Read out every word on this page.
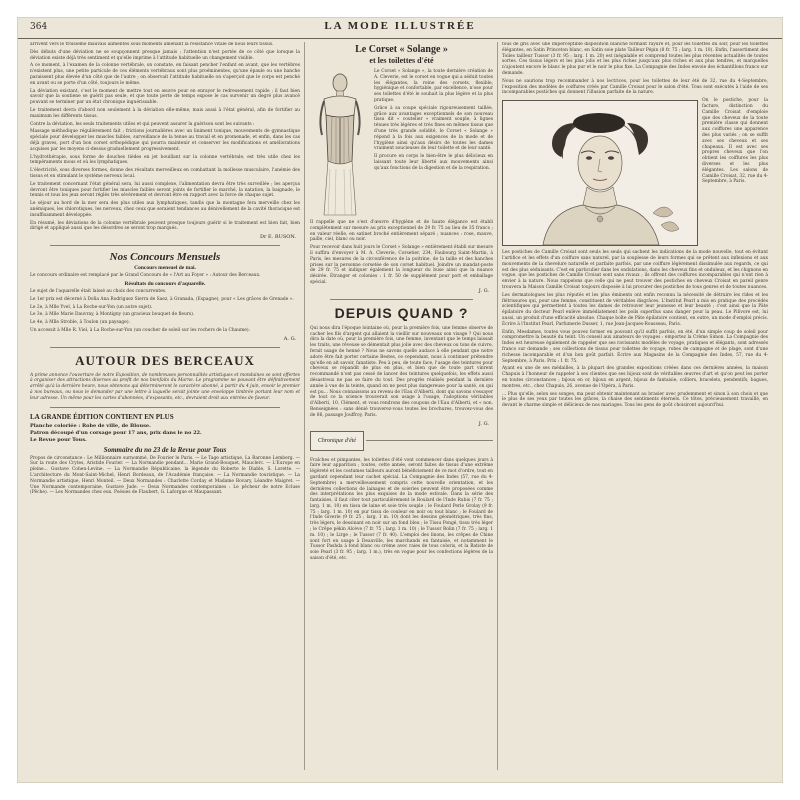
364	LA MODE ILLUSTRÉE

arrivent vers le troisième mauvais alimentés sous moments amenant la résistance vitale de nous leurs tissus.

Dès débuts d'une déviation ne se soupçonnent presque jamais ; l'attention n'est portée de ce côté que lorsque la déviation existe déjà très sentiment et qu'elle imprime à l'attitude habituelle un changement visible.

A ce moment, à l'examen de la colonne vertébrale, on constate, en faisant pencher l'enfant en avant, que les vertèbres n'existent plus, une petite particule de ces éléments vertébraux sont plus proéminentes, qu'une épaule ou une hanche paraissent plus élevée d'un côté que de l'autre ; on observait l'attitude habituelle on s'aperçoit que le corps est penché en avant ou se porte d'un côté, toujours le même.

La déviation existant, c'est le moment de mettre tout en œuvre pour en enrayer le redressement rapide ; il faut bien savoir que la soutiene se guérit pas seule, et que toute perte de temps expose le cas survenir un degré plus avancé pouvant se terminer par un état chronique inguérissable.

Le traitement devra d'abord non seulement à la déviation elle-même, mais aussi à l'état général, afin de fortifier au maximum les différents tissus.

Contre la déviation, les seuls traitements utiles et qui peuvent assurer la guérison sont les suivants :

Massage méthodique régulièrement fait ; frictions journalières avec un liniment tonique, mouvements de gymnastique spéciale pour développer les muscles faibles, surveillance de la tenue au travail et en promenade, et enfin, dans les cas déjà graves, port d'un bon corset orthopédique qui pourra maintenir et conserver les modifications et améliorations acquises par les moyens ci-dessus graduellement progressivement.

L'hydrothérapie, sous forme de douches tièdes en jet bouillant sur la colonne vertébrale, est très utile chez les tempéraments mous et où les lymphatiques.

L'électricité, sous diverses formes, donne des résultats merveilleux en combattant la mollesse musculaire, l'anémie des tissus et en stimulant le système nerveux local.

Le traitement concernant l'état général sera, lui aussi complexe, l'alimentation devra être très surveillée ; les aperçus devront être toniques pour fortifier les muscles faibles seront joints de fortifier le marché, la natation, la baignade, le tennis et tous les jeux seront réglés très sévèrement et devront être en rapport avec la force de chaque sujet.

Le séjour au bord de la mer sera des plus utiles aux lymphatiques, tandis que la montagne fera merveille chez les anémiques, les chlorotiques, les nerveux, chez ceux que seraient tendances au dénivellement de la cavité thoracique est insuffisamment développée.

En résumé, les déviations de la colonne vertébrale peuvent presque toujours guérir si le traitement est bien fait, bien dirigé et appliqué aussi que les désordres se seront trop marqués.

Dr E. RUSON.
Nos Concours Mensuels
Concours mensuel de mai.

Le concours ordinaire est remplacé par le Grand Concours de « l'Art au Foyer » : Autour des Berceaux.

Résultats du concours d'aquarelle.

Le sujet de l'aquarelle était laissé au choix des concurrentes.

Le 1er prix est décerné à Doña Ana Rodriguez Sierra de Saez, à Granada, (Espagne), pour « Les grâces de Grenade ».

Le 2e, à Mlle Yvel, à La Roche-sur-Yon (un autre sujet).

Le 3e, à Mlle Marie Dauvray, à Montigny (un gracieux bouquet de fleurs).

Le 4e, à Mlle Stroble, à Toulon (un paysage).

Un accessit à Mlle R. Viel, à La Roche-sur-Yon (un coucher de soleil sur les rochers de la Chaume).

A. G.
AUTOUR DES BERCEAUX

A prime annonce l'ouverture de notre Exposition, de nombreuses personnalités artistiques et mondaines se sont offertes à organiser des attractions diverses au profit de nos bienfaits du Marne. Le programme ne pouvant être définitivement arrêté qu'à la dernière heure, nous obtenons qui détermineront le caractère abonné, à partir du 4 juin, envoir le premier à nos bureaux, ou nous le demander par une lettre à laquelle serait jointe une enveloppe timbrée portant leur nom et leur adresse. Un même pour les cartes d'abonnées, d'exposants, etc., devraient droit aux entrées de faveur.

LA GRANDE ÉDITION CONTIENT EN PLUS
Planche coloriée : Robe de ville, de Blouse.
Patron découpé d'un corsage pour 17 ans, prix dans le no 22.
Le Revue pour Tous.
Sommaire du no 23 de la Revue pour Tous

Propos de circonstance : Le Millionnaire surnommé, De Fourier le Paris. — Le Tage artistique, La Baronne Lemberg. — Sur la route des Crytes, Aristide Fourier. — La Normandie pendant... Marie Grand-Bouquet, Mauclerc. — L'Europe en pleine... Gustave Cohen-Levine. — La Normandie Républicaine, la légende du Roberte le Diable, S. Lorette. — L'architecture du Mont-Saint-Michel, Henri Bordeaux, de l'Académie française. — La Normandie touristique. — La Normandie artistique, Henri Monteil. — Deux Normandes : Charlotte Corday et Madame Bovary, Léandre Maigret. — Une Normande contemporaine, Gustave Jude. — Deux Normandes contemporaines : Le pêcheur de notre Ecluse (Pêche). — Les Normandes chez eux. Poésies de Flaubert, G. Laforgue et Maupassant.

Le Corset « Solange »
et les toilettes d'été

Le Corset « Solange », la toute dernière création de A. Cleverie, est le corset en vogue qui a séduit toutes les élégantes, la reine des corsets, flexible, hygiénique et confortable, par excellence, n'ose pour ses toilettes d'été le souhait la plus légère et la plus pratique.

Grâce à sa coupe spéciale rigoureusement taillée, grâce aux avantages exceptionnels de son nouveau tissu dit « coutelier » vraiment souple, à lignes ténues très légères et très fines en mêmes tissus que d'une très grande solidité, le Corset « Solange » répond à la fois aux exigences de la mode et de l'hygiène ainsi qu'aux désirs de toutes les dames vraiment soucieuses de leur toilette et de leur santé.

Il procure en corps le bien-être le plus délicieux en laissant toute leur liberté aux mouvements ainsi qu'aux fonctions de la digestion et de la respiration.

Il rappelle que ne s'est d'œuvre d'hygiène et de haute élégance est établi complètement sur mesure au prix exceptionnel de 29 fr. 75 au lieu de 35 francs ; en valeur réelle, en satinet broché entièrement séparé ; nuances : rose, mauve, paille, ciel, blanc ou noir.

Pour recevoir dans huit jours le Corset « Solange » entièrement établi sur mesure il suffira d'envoyer à M. A. Cleverie, Corsetier, 234, Faubourg Saint-Martin, à Paris, les mesures de la circonférence de la poitrine, de la taille et des hanches prises sur la personne corsetée de son corset habituel. Joindre un mandat-poste de 29 fr. 75 et indiquer également la longueur du buse ainsi que la nuance désirée. Étranger et colonies : 1 fr. 50 de supplément pour port et emballage spécial.

J. G.
DEPUIS QUAND ?

Qui nous dira l'époque lointaine où, pour la première fois, une femme observe de cacher les fils d'argent qui allaient la vieillir sur nouveaux son visage ? Qui nous dira la date où, pour la première fois, une femme, inventant que le temps laissait les traits, une rêveuse se démentait plus jolie avec des cheveux ou tons de cuivre, ferait usage de henné ? Nous ne savons quelle audace à elle pendant que notre adore être fait porter certaine Bestes, ce cependant, nous à continuer prétendre qu'elle en ait savoir, fanatiste. Peu à peu, de toute face, l'usage des teintures pour cheveux se répandit de plus en plus, et bien que de toute part vinrent recommandé n'ont pas cessé de lancer des teintures quelquefois, les effets aussi désastreux ne pas se faire du tout. Des progrès réalisés pendant la dernière année à vue de la teinte, quand on ne peut plus dangereuse pour la santé, on qui est pu... Nous connaissons au revenu de l'Eau d'Alberti, dont qui savons s'essayer de tout ce la science trouverait son usage à l'usage, l'adoptions véritables d'Alberti, 10, Clément, et vous rendrons des coupons de l'Eau d'Alberti, et « non. Renseignées : sans dénié trouverez-vous toutes les brochures, trouvez-vous des de 86, passage Jouffroy, Paris.

J. G.
Chronique d'été

Fraîches et pimpantes, les toilettes d'été vont commencer dans quelques jours à faire leur apparition ; toutes, cette année, seront faites de tissus d'une extrême légèreté et les costumes tailleurs auront bénéficiement de ce mot d'ordre, tout en gardant cependant leur cachet spécial. La Compagnie des Indes (57, rue du 4-Septembre) a merveilleusement compris cette nouvelle orientation, et les dernières collections de lainages et de soieries peuvent être proposées comme des interprétations les plus exquises de la mode estivale. Dans la série des fantaisies, il faut citer tout particulièrement le Boulard de l'Inde Rubis (7 fr. 75 ; larg. 1 m. 10) en tissu de laine et soie très souple ; le Foulard Perle Grolay (9 fr. 75 ; larg. 1 m. 10) en pur tissu de couleur en noir ou tout blanc ; le Foulard de l'Inde Giverie (9 fr. 25 ; larg. 1 m. 10) dont les dessins géométriques, très fins, très légers, le dessinant en noir sur un fond bleu ; le Tissu Pongé, tissu très léger ; le Crêpe pékin Alcève (7 fr. 75 ; larg. 1 m. 10) ; le Tussor Rolin (7 fr. 75 ; larg. 1 m. 10) ; le Lirge ; le Tussor (7 fr. 40). L'emploi des linons, les crêpes de Chine sont fort en usage à Deauville, les marchands en fantaisie, et notamment le Tussor Pashda à fond blanc ou crème avec raies de tous coloris, et la Batiste de soie Pearl (3 fr. 95 ; larg. 1 m.), très en vogue pour les confections légères de la saison d'été, etc.

tous de gris avec une imperceptible disposition blanche formant rayure et, pour les toilettes du soir, pour les toilettes élégantes, en Satin Princeton blanc, en Satin soie plate Tailleur Pépin (8 fr. 75 ; larg. 1 m. 10). Enfin, l'assortiment des Toiles tailleur Tussor (3 fr. 95 ; larg. 1 m. 20) est inégalable et comprend toutes les plus récentes actualités de toutes sortes. Ces tissus légers et les plus jolis et les plus riches jusqu'aux plus riches et aux plus tendres, et marquelles n'ajoutent encore le blanc le plus pur et le noir le plus fixe. La Compagnie des Indes envoie des échantillons franco sur demande.

Nous ne saurions trop recommander à nos lectrices, pour les toilettes de leur été de 32, rue du 4-Septembre, l'exposition des modèles de coiffures créés par Camille Croisat pour le salon d'été. Tous sont exécutés à l'aide de ses incomparables postiches qui donnent l'illusion parfaite de la nature.

On le postiche, pour la facture, distinction du Camille Croisat d'emploie que des cheveux de la toute première classe qui donnent aux coiffures une apparence des plus variés ; on se suffit avec ses cheveux et ses chapeaux. Il est avec ses propres cheveux que l'on obtient les coiffures les plus diverses et les plus élégantes. Les salons de Camille Croisat, 32, rue du 4-Septembre, à Paris.

Les postiches de Camille Croisat sont seuls les seuls qui sachent les indications de la mode nouvelle, tout en évitant l'artifice et les effets d'un coiffure sans naturel, par la souplesse de leurs formes qui se prêtent aux inflexions et aux mouvements de la chevelure naturelle et parfaite parfois, par une coiffure légèrement dissimulée aux regards, ce qui est des plus séduisants. C'est en particulier dans les ondulations, dans les cheveux fins et onduleux, et les chignons en vogue, que les postiches de Camille Croisat sont sans rivaux ; ils offrent des coiffures incomparables qui n'ont rien à envier à la nature. Nous rappelons que celle qui ne peut trouver des postiches en cheveux Croisat en pareil genre trouvera la Maison Camille Croisat toujours disposée à lui procurer des postiches de tous genres et de toutes nuances.

Les dermatologues les plus réputés et les plus éminents ont enfin reconnu la nécessité de détruire les rides et les flétrissures qui, pour une femme, constituent de véritables disgrâces. L'Institut Pearl a mis en pratique des procédés scientifiques qui permettent à toutes les dames de retrouver leur jeunesse et leur beauté ; c'est ainsi que la Pâte épilatoire du docteur Pearl enlève immédiatement les poils superflus sans danger pour la peau. Le Pilivore est, lui aussi, un produit d'une efficacité absolue. Chaque boîte de Pâte épilatoire contient, en outre, un mode d'emploi précis. Écrire à l'Institut Pearl, Parfumerie Dusser, 1, rue Jean-Jacques-Rousseau, Paris.

Enfin, Mesdames, toutes vous pouvez former en pouvant qu'il suffit parfois, en été, d'un simple coup de soleil pour compromettre la beauté du teint. Un conseil aux amateurs de voyages : emportez la Crème Simon. La Compagnie des Indes est heureuse également de rappeler que ses ravissants modèles de voyage, pratiques et élégants, sont adressés franco sur demande ; ses collections de tissus pour toilettes de voyage, robes de campagne et de plage, sont d'une richesse incomparable et d'un bon goût parfait. Écrire aux Magasins de la Compagnie des Indes, 57, rue du 4-Septembre, à Paris. Prix : 1 fr. 75.

Ayant eu une de ses médailles, à la plupart des grandes expositions créées dans ces dernières années, la maison Chapuis à l'honneur de rappeler à ses clientes que ses bijoux sont de véritables œuvres d'art et qu'on peut les porter en toutes circonstances ; bijoux en or, bijoux en argent, bijoux de fantaisie, colliers, bracelets, pendentifs, bagues, montres, etc., chez Chapuis, 26, avenue de l'Opéra, à Paris.

... Plus qu'elle, selon ses songes, ma peut obtenir maintenant au brasier avec prudemment et sinon à son choix et que le plus de ses yeux par toutes les grâces, la chaise des sentiments éternels. Ce tôtes, précieusement travaillé, en devant le charme simple et délicieux de nos mariages. Tous les gens de goût choisiront aujourd'hui.
